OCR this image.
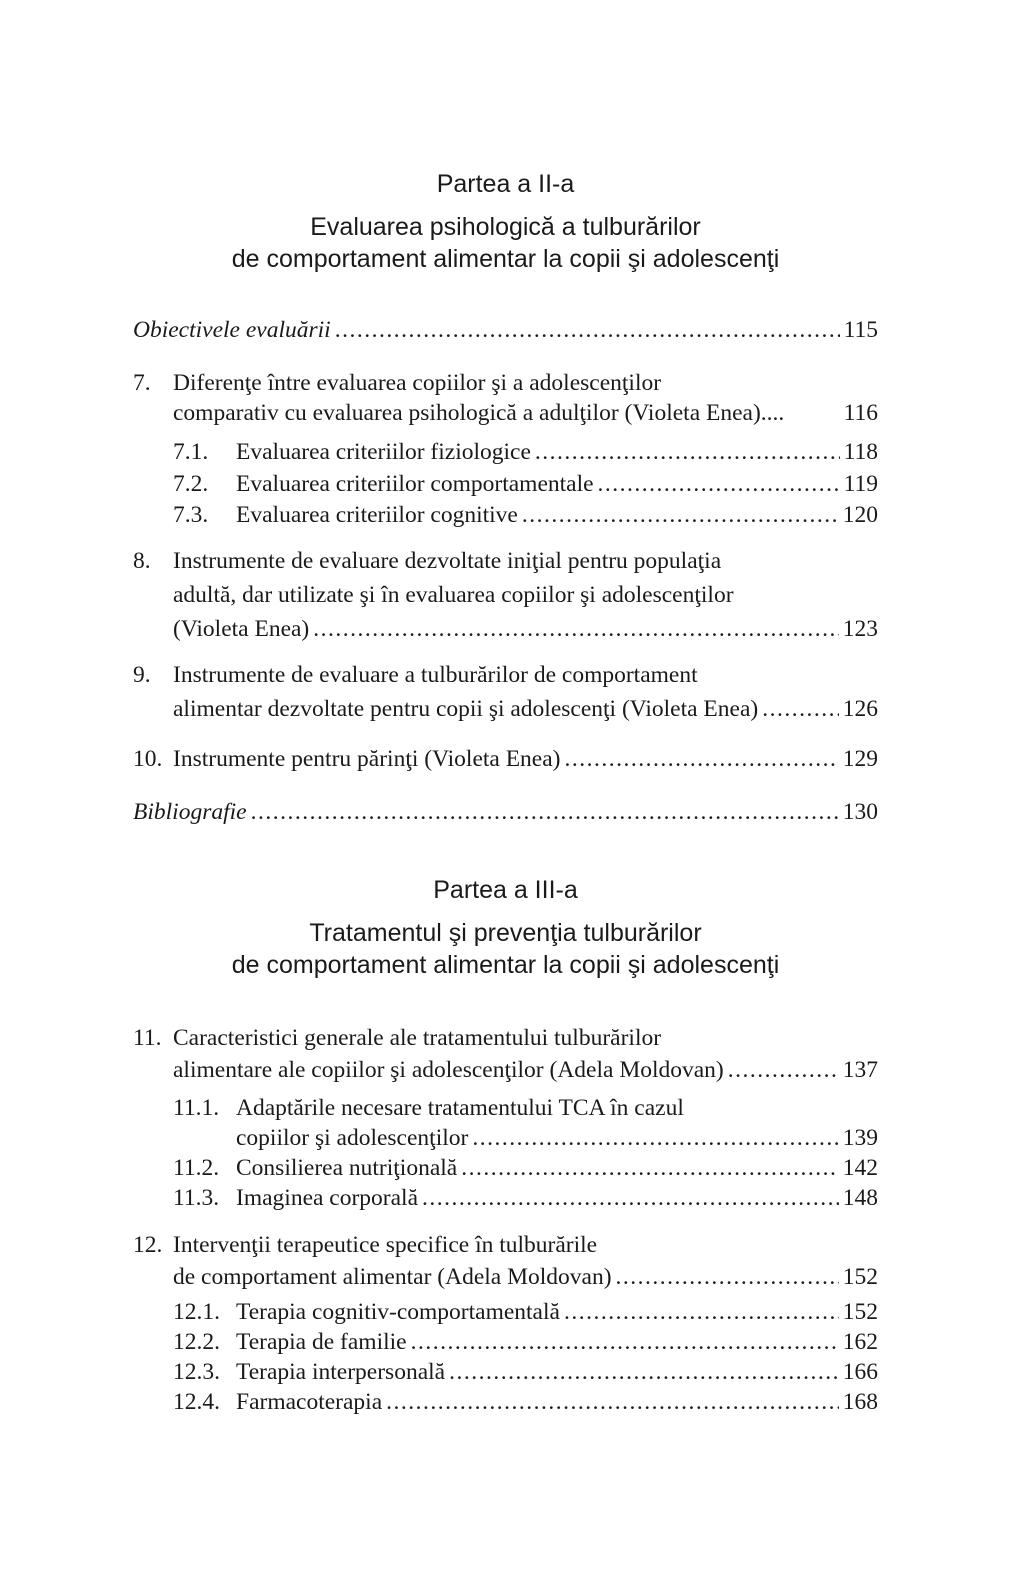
Partea a II-a
Evaluarea psihologică a tulburărilor
de comportament alimentar la copii şi adolescenţi
Obiectivele evaluării .....	115
7. Diferenţe între evaluarea copiilor şi a adolescenţilor
comparativ cu evaluarea psihologică a adulţilor (Violeta Enea)....	116
7.1.	Evaluarea criteriilor fiziologice .....	118
7.2.	Evaluarea criteriilor comportamentale .....	119
7.3.	Evaluarea criteriilor cognitive .....	120
8. Instrumente de evaluare dezvoltate iniţial pentru populaţia
adultă, dar utilizate şi în evaluarea copiilor şi adolescenţilor
(Violeta Enea) .....	123
9. Instrumente de evaluare a tulburărilor de comportament
alimentar dezvoltate pentru copii şi adolescenţi (Violeta Enea) .....	126
10. Instrumente pentru părinţi (Violeta Enea) .....	129
Bibliografie .....	130
Partea a III-a
Tratamentul şi prevenţia tulburărilor
de comportament alimentar la copii şi adolescenţi
11. Caracteristici generale ale tratamentului tulburărilor
alimentare ale copiilor şi adolescenţilor (Adela Moldovan) .....	137
11.1. Adaptările necesare tratamentului TCA în cazul
copiilor şi adolescenţilor .....	139
11.2. Consilierea nutriţională .....	142
11.3. Imaginea corporală .....	148
12. Intervenţii terapeutice specifice în tulburările
de comportament alimentar (Adela Moldovan) .....	152
12.1. Terapia cognitiv-comportamentală .....	152
12.2. Terapia de familie .....	162
12.3. Terapia interpersonală .....	166
12.4. Farmacoterapia .....	168
